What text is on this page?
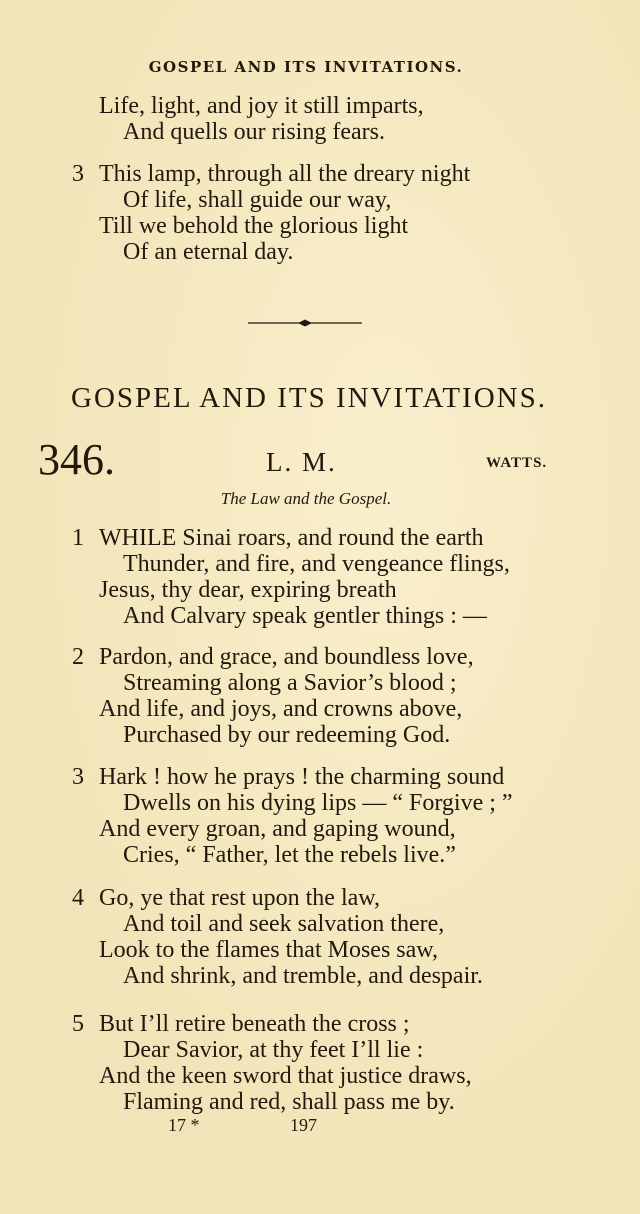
GOSPEL AND ITS INVITATIONS.
Life, light, and joy it still imparts,
And quells our rising fears.
3 This lamp, through all the dreary night
Of life, shall guide our way,
Till we behold the glorious light
Of an eternal day.
GOSPEL AND ITS INVITATIONS.
346.	L. M.	WATTS.
The Law and the Gospel.
1 WHILE Sinai roars, and round the earth
Thunder, and fire, and vengeance flings,
Jesus, thy dear, expiring breath
And Calvary speak gentler things : —
2 Pardon, and grace, and boundless love,
Streaming along a Savior’s blood ;
And life, and joys, and crowns above,
Purchased by our redeeming God.
3 Hark ! how he prays ! the charming sound
Dwells on his dying lips — “ Forgive ; ”
And every groan, and gaping wound,
Cries, “ Father, let the rebels live.”
4 Go, ye that rest upon the law,
And toil and seek salvation there,
Look to the flames that Moses saw,
And shrink, and tremble, and despair.
5 But I’ll retire beneath the cross ;
Dear Savior, at thy feet I’ll lie :
And the keen sword that justice draws,
Flaming and red, shall pass me by.
17 *	197
